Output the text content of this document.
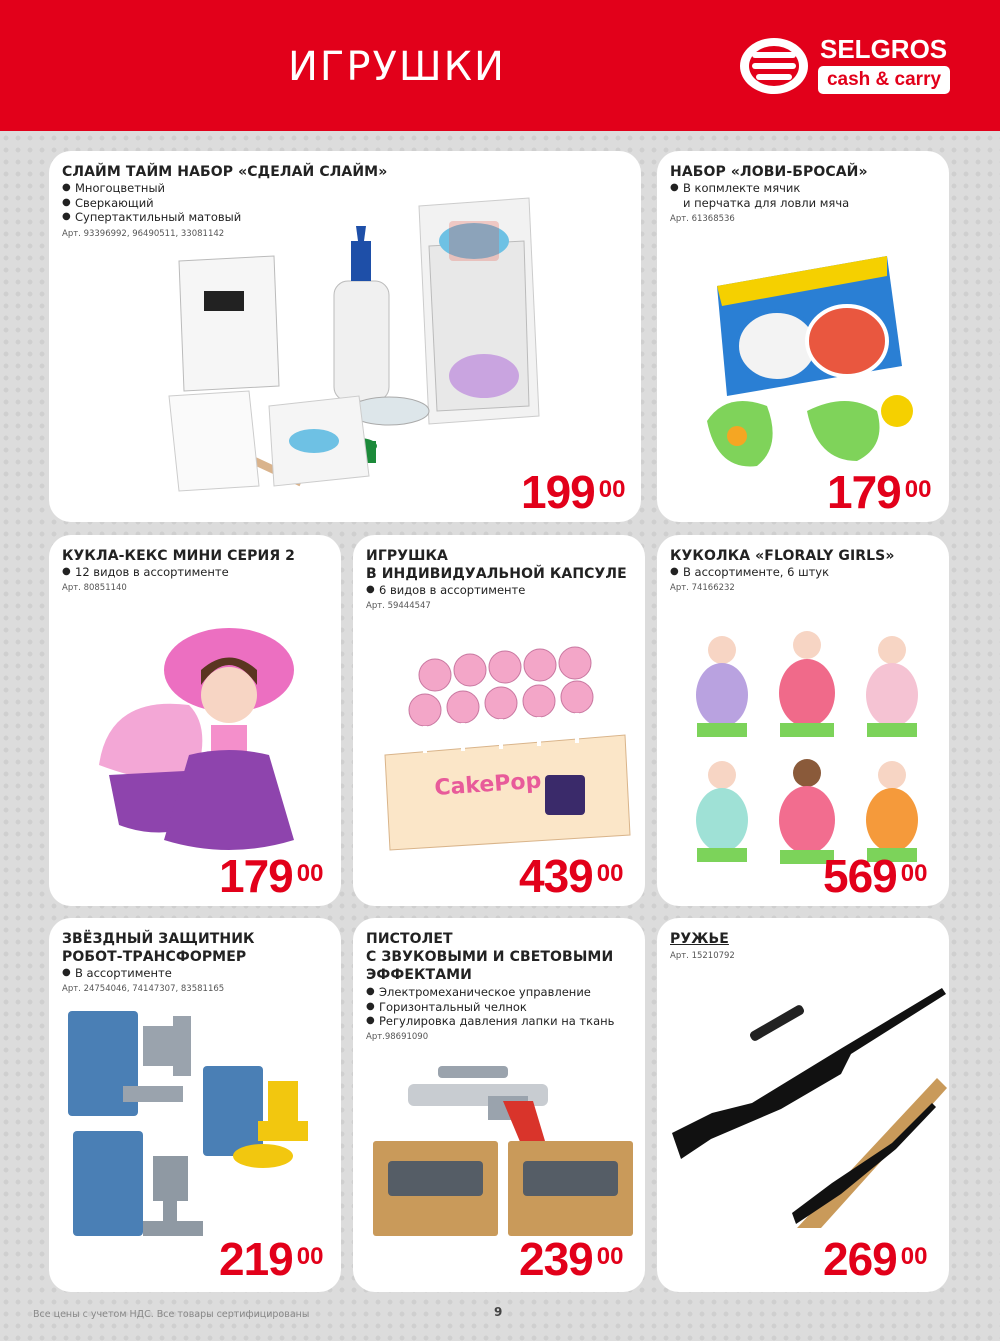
ИГРУШКИ	SELGROS
cash & carry
СЛАЙМ ТАЙМ НАБОР «СДЕЛАЙ СЛАЙМ»
● Многоцветный
● Сверкающий
● Супертактильный матовый
Арт. 93396992, 96490511, 33081142
199 $^{00}$
НАБОР «ЛОВИ-БРОСАЙ»
● В копмлекте мячик
и перчатка для ловли мяча
Арт. 61368536
179 $^{00}$
КУКЛА-КЕКС МИНИ СЕРИЯ 2
● 12 видов в ассортименте
Арт. 80851140
179 $^{00}$
ИГРУШКА
В ИНДИВИДУАЛЬНОЙ КАПСУЛЕ
● 6 видов в ассортименте
Арт. 59444547
CakePop
439 $^{00}$
КУКОЛКА «FLORALY GIRLS»
● В ассортименте, 6 штук
Арт. 74166232
569 $^{00}$
ЗВЁЗДНЫЙ ЗАЩИТНИК
РОБОТ-ТРАНСФОРМЕР
● В ассортименте
Арт. 24754046, 74147307, 83581165
219 $^{00}$
ПИСТОЛЕТ
С ЗВУКОВЫМИ И СВЕТОВЫМИ
ЭФФЕКТАМИ
● Электромеханическое управление
● Горизонтальный челнок
● Регулировка давления лапки на ткань
Арт.98691090
239 $^{00}$
РУЖЬЕ
Арт. 15210792
269 $^{00}$
Все цены с учетом НДС. Все товары сертифицированы	9
